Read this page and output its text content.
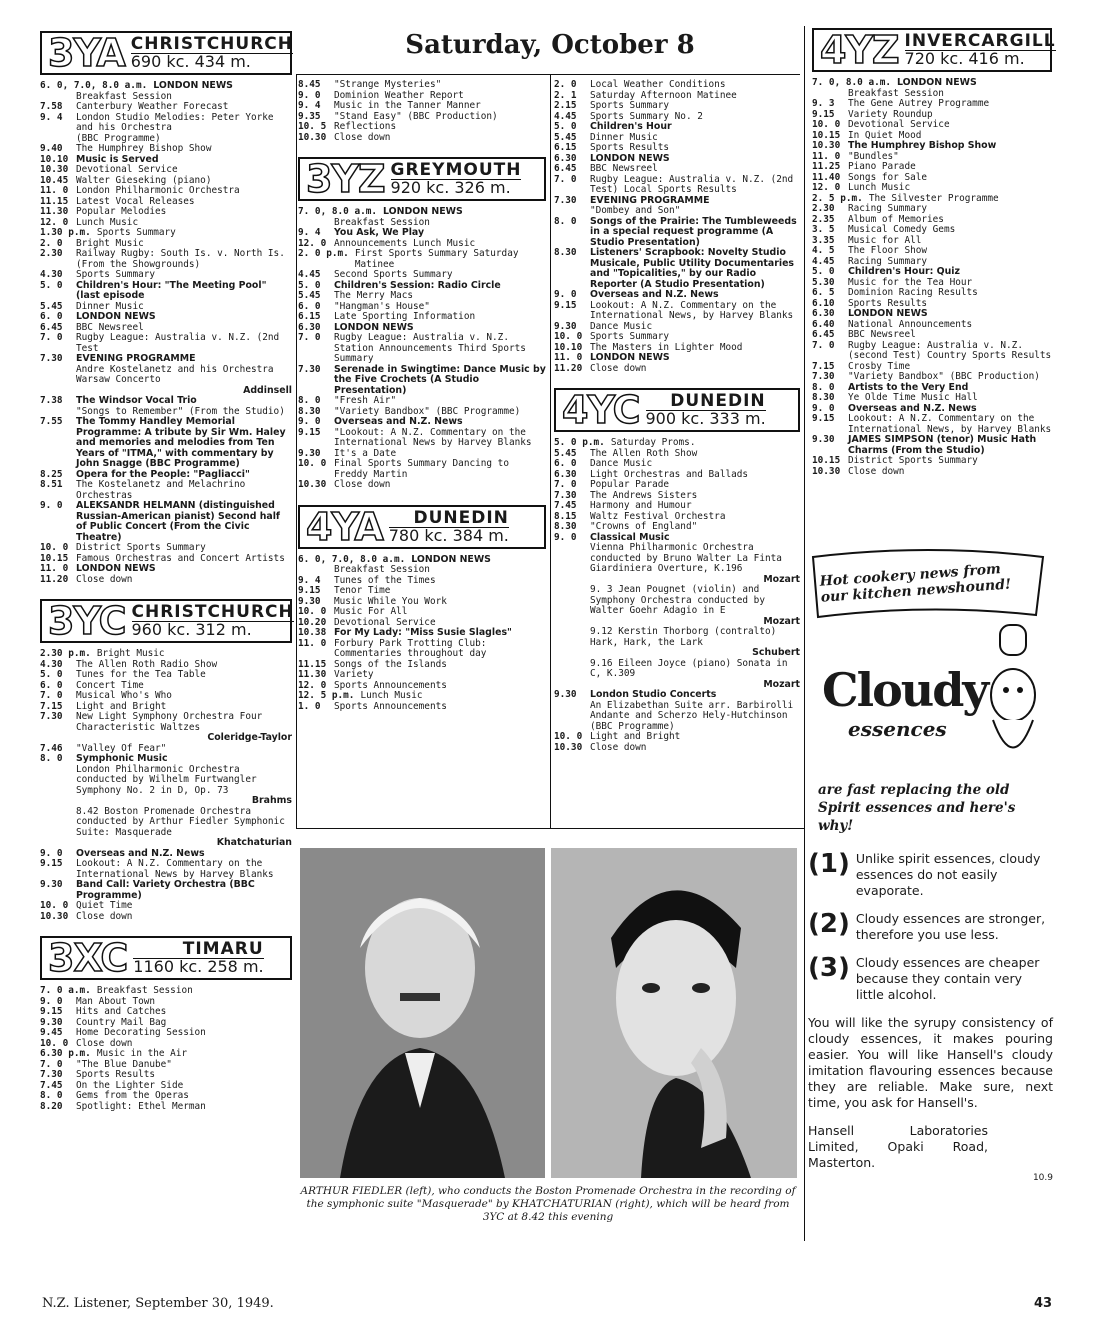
Saturday, October 8
3YA CHRISTCHURCH
690 kc. 434 m.
6. 0, 7.0, 8.0 a.m. LONDON NEWS
Breakfast Session
7.58	Canterbury Weather Forecast
9. 4	London Studio Melodies: Peter Yorke and his Orchestra
(BBC Programme)
9.40	The Humphrey Bishop Show
10.10 Music is Served
10.30 Devotional Service
10.45 Walter Gieseking (piano)
11. 0 London Philharmonic Orchestra
11.15 Latest Vocal Releases
11.30 Popular Melodies
12. 0 Lunch Music
1.30 p.m. Sports Summary
2. 0	Bright Music
2.30	Railway Rugby: South Is. v. North Is. (From the Showgrounds)
4.30	Sports Summary
5. 0	Children's Hour: "The Meeting Pool" (last episode
5.45	Dinner Music
6. 0	LONDON NEWS
6.45	BBC Newsreel
7. 0	Rugby League: Australia v. N.Z. (2nd Test
7.30	EVENING PROGRAMME
Andre Kostelanetz and his Orchestra Warsaw Concerto
Addinsell
7.38	The Windsor Vocal Trio
"Songs to Remember" (From the Studio)
7.55	The Tommy Handley Memorial Programme: A tribute by Sir Wm. Haley and memories and melodies from Ten Years of "ITMA," with commentary by John Snagge (BBC Programme)
8.25	Opera for the People: "Pagliacci"
8.51	The Kostelanetz and Melachrino Orchestras
9. 0	ALEKSANDR HELMANN (distinguished Russian-American pianist) Second half of Public Concert (From the Civic Theatre)
10. 0 District Sports Summary
10.15 Famous Orchestras and Concert Artists
11. 0 LONDON NEWS
11.20 Close down
3YC CHRISTCHURCH
960 kc. 312 m.
2.30 p.m. Bright Music
4.30	The Allen Roth Radio Show
5. 0	Tunes for the Tea Table
6. 0	Concert Time
7. 0	Musical Who's Who
7.15	Light and Bright
7.30	New Light Symphony Orchestra Four Characteristic Waltzes
Coleridge-Taylor
7.46	"Valley Of Fear"
8. 0	Symphonic Music
London Philharmonic Orchestra conducted by Wilhelm Furtwangler Symphony No. 2 in D, Op. 73
Brahms
8.42 Boston Promenade Orchestra conducted by Arthur Fiedler Symphonic Suite: Masquerade
Khatchaturian
9. 0	Overseas and N.Z. News
9.15	Lookout: A N.Z. Commentary on the International News by Harvey Blanks
9.30	Band Call: Variety Orchestra (BBC Programme)
10. 0 Quiet Time
10.30 Close down
3XC	TIMARU
1160 kc. 258 m.
7. 0 a.m. Breakfast Session
9. 0	Man About Town
9.15	Hits and Catches
9.30	Country Mail Bag
9.45	Home Decorating Session
10. 0 Close down
6.30 p.m. Music in the Air
7. 0	"The Blue Danube"
7.30	Sports Results
7.45	On the Lighter Side
8. 0	Gems from the Operas
8.20	Spotlight: Ethel Merman
8.45	"Strange Mysteries"
9. 0	Dominion Weather Report
9. 4	Music in the Tanner Manner
9.35	"Stand Easy" (BBC Production)
10. 5 Reflections
10.30 Close down
3YZ GREYMOUTH
920 kc. 326 m.
7. 0, 8.0 a.m. LONDON NEWS
Breakfast Session
9. 4	You Ask, We Play
12. 0 Announcements Lunch Music
2. 0 p.m. First Sports Summary Saturday Matinee
4.45	Second Sports Summary
5. 0	Children's Session: Radio Circle
5.45	The Merry Macs
6. 0	"Hangman's House"
6.15	Late Sporting Information
6.30	LONDON NEWS
7. 0	Rugby League: Australia v. N.Z. Station Announcements Third Sports Summary
7.30	Serenade in Swingtime: Dance Music by the Five Crochets (A Studio Presentation)
8. 0	"Fresh Air"
8.30	"Variety Bandbox" (BBC Programme)
9. 0	Overseas and N.Z. News
9.15	"Lookout: A N.Z. Commentary on the International News by Harvey Blanks
9.30	It's a Date
10. 0 Final Sports Summary Dancing to Freddy Martin
10.30 Close down
4YA	DUNEDIN
780 kc. 384 m.
6. 0, 7.0, 8.0 a.m. LONDON NEWS
Breakfast Session
9. 4	Tunes of the Times
9.15	Tenor Time
9.30	Music While You Work
10. 0 Music For All
10.20 Devotional Service
10.38 For My Lady: "Miss Susie Slagles"
11. 0 Forbury Park Trotting Club: Commentaries throughout day
11.15 Songs of the Islands
11.30 Variety
12. 0 Sports Announcements
12. 5 p.m. Lunch Music
1. 0	Sports Announcements
2. 0	Local Weather Conditions
2. 1	Saturday Afternoon Matinee
2.15	Sports Summary
4.45	Sports Summary No. 2
5. 0	Children's Hour
5.45	Dinner Music
6.15	Sports Results
6.30	LONDON NEWS
6.45	BBC Newsreel
7. 0	Rugby League: Australia v. N.Z. (2nd Test) Local Sports Results
7.30	EVENING PROGRAMME
"Dombey and Son"
8. 0	Songs of the Prairie: The Tumbleweeds in a special request programme (A Studio Presentation)
8.30	Listeners' Scrapbook: Novelty Studio Musicale, Public Utility Documentaries and "Topicalities," by our Radio Reporter (A Studio Presentation)
9. 0	Overseas and N.Z. News
9.15	Lookout: A N.Z. Commentary on the International News, by Harvey Blanks
9.30	Dance Music
10. 0 Sports Summary
10.10 The Masters in Lighter Mood
11. 0 LONDON NEWS
11.20 Close down
4YC	DUNEDIN
900 kc. 333 m.
5. 0 p.m. Saturday Proms.
5.45	The Allen Roth Show
6. 0	Dance Music
6.30	Light Orchestras and Ballads
7. 0	Popular Parade
7.30	The Andrews Sisters
7.45	Harmony and Humour
8.15	Waltz Festival Orchestra
8.30	"Crowns of England"
9. 0	Classical Music
Vienna Philharmonic Orchestra conducted by Bruno Walter La Finta Giardiniera Overture, K.196
Mozart
9. 3 Jean Pougnet (violin) and Symphony Orchestra conducted by Walter Goehr Adagio in E
Mozart
9.12 Kerstin Thorborg (contralto) Hark, Hark, the Lark
Schubert
9.16 Eileen Joyce (piano) Sonata in C, K.309
Mozart
9.30	London Studio Concerts
An Elizabethan Suite arr. Barbirolli Andante and Scherzo Hely-Hutchinson (BBC Programme)
10. 0 Light and Bright
10.30 Close down
4YZ INVERCARGILL
720 kc. 416 m.
7. 0, 8.0 a.m. LONDON NEWS
Breakfast Session
9. 3	The Gene Autrey Programme
9.15	Variety Roundup
10. 0 Devotional Service
10.15 In Quiet Mood
10.30 The Humphrey Bishop Show
11. 0 "Bundles"
11.25 Piano Parade
11.40 Songs for Sale
12. 0 Lunch Music
2. 5 p.m. The Silvester Programme
2.30	Racing Summary
2.35	Album of Memories
3. 5	Musical Comedy Gems
3.35	Music for All
4. 5	The Floor Show
4.45	Racing Summary
5. 0	Children's Hour: Quiz
5.30	Music for the Tea Hour
6. 5	Dominion Racing Results
6.10	Sports Results
6.30	LONDON NEWS
6.40	National Announcements
6.45	BBC Newsreel
7. 0	Rugby League: Australia v. N.Z. (second Test) Country Sports Results
7.15	Crosby Time
7.30	"Variety Bandbox" (BBC Production)
8. 0	Artists to the Very End
8.30	Ye Olde Time Music Hall
9. 0	Overseas and N.Z. News
9.15	Lookout: A N.Z. Commentary on the International News, by Harvey Blanks
9.30	JAMES SIMPSON (tenor) Music Hath Charms (From the Studio)
10.15 District Sports Summary
10.30 Close down
ARTHUR FIEDLER (left), who conducts the Boston Promenade Orchestra in the recording of the symphonic suite "Masquerade" by KHATCHATURIAN (right), which will be heard from 3YC at 8.42 this evening
Hot cookery news from our kitchen newshound!
Cloudy
essences
are fast replacing the old Spirit essences and here's why!
(1) Unlike spirit essences, cloudy essences do not easily evaporate.
(2) Cloudy essences are stronger, therefore you use less.
(3) Cloudy essences are cheaper because they contain very little alcohol.
You will like the syrupy consistency of cloudy essences, it makes pouring easier. You will like Hansell's cloudy imitation flavouring essences because they are reliable. Make sure, next time, you ask for Hansell's.
Hansell Laboratories Limited, Opaki Road, Masterton.
10.9
N.Z. Listener, September 30, 1949.	43
